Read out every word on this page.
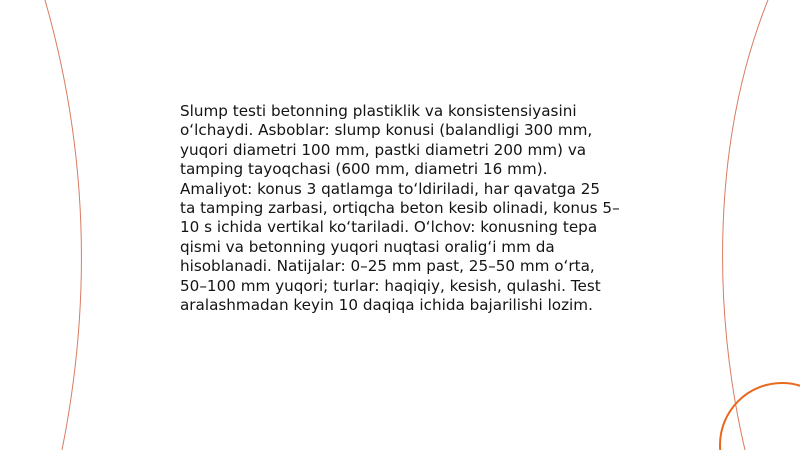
Slump testi betonning plastiklik va konsistensiyasini oʻlchaydi. Asboblar: slump konusi (balandligi 300 mm, yuqori diametri 100 mm, pastki diametri 200 mm) va tamping tayoqchasi (600 mm, diametri 16 mm). Amaliyot: konus 3 qatlamga toʻldiriladi, har qavatga 25 ta tamping zarbasi, ortiqcha beton kesib olinadi, konus 5–10 s ichida vertikal koʻtariladi. Oʻlchov: konusning tepa qismi va betonning yuqori nuqtasi oraligʻi mm da hisoblanadi. Natijalar: 0–25 mm past, 25–50 mm oʻrta, 50–100 mm yuqori; turlar: haqiqiy, kesish, qulashi. Test aralashmadan keyin 10 daqiqa ichida bajarilishi lozim.
